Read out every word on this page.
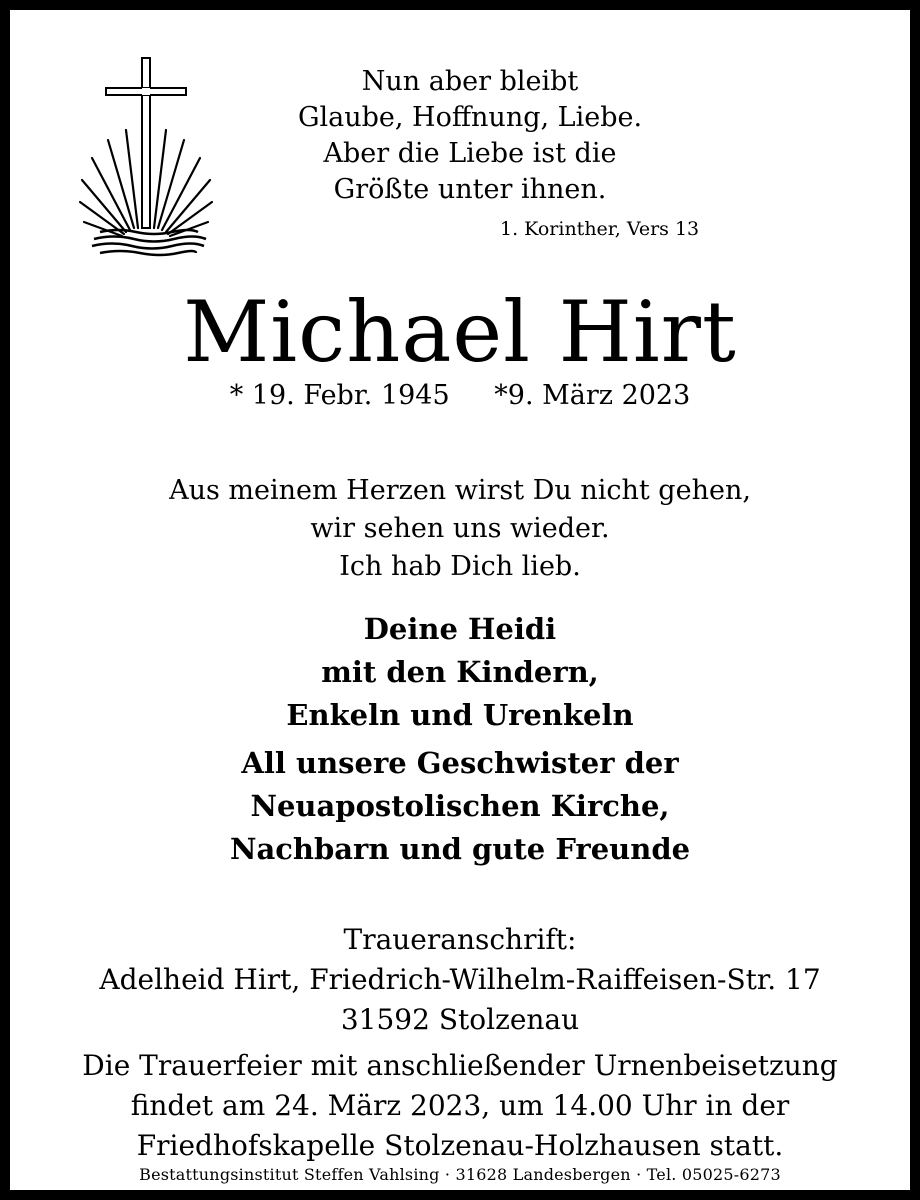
Nun aber bleibt
Glaube, Hoffnung, Liebe.
Aber die Liebe ist die
Größte unter ihnen.
1. Korinther, Vers 13
Michael Hirt
* 19. Febr. 1945 *9. März 2023
Aus meinem Herzen wirst Du nicht gehen,
wir sehen uns wieder.
Ich hab Dich lieb.
Deine Heidi
mit den Kindern,
Enkeln und Urenkeln
All unsere Geschwister der
Neuapostolischen Kirche,
Nachbarn und gute Freunde
Traueranschrift:
Adelheid Hirt, Friedrich-Wilhelm-Raiffeisen-Str. 17
31592 Stolzenau
Die Trauerfeier mit anschließender Urnenbeisetzung
findet am 24. März 2023, um 14.00 Uhr in der
Friedhofskapelle Stolzenau-Holzhausen statt.
Bestattungsinstitut Steffen Vahlsing · 31628 Landesbergen · Tel. 05025-6273
